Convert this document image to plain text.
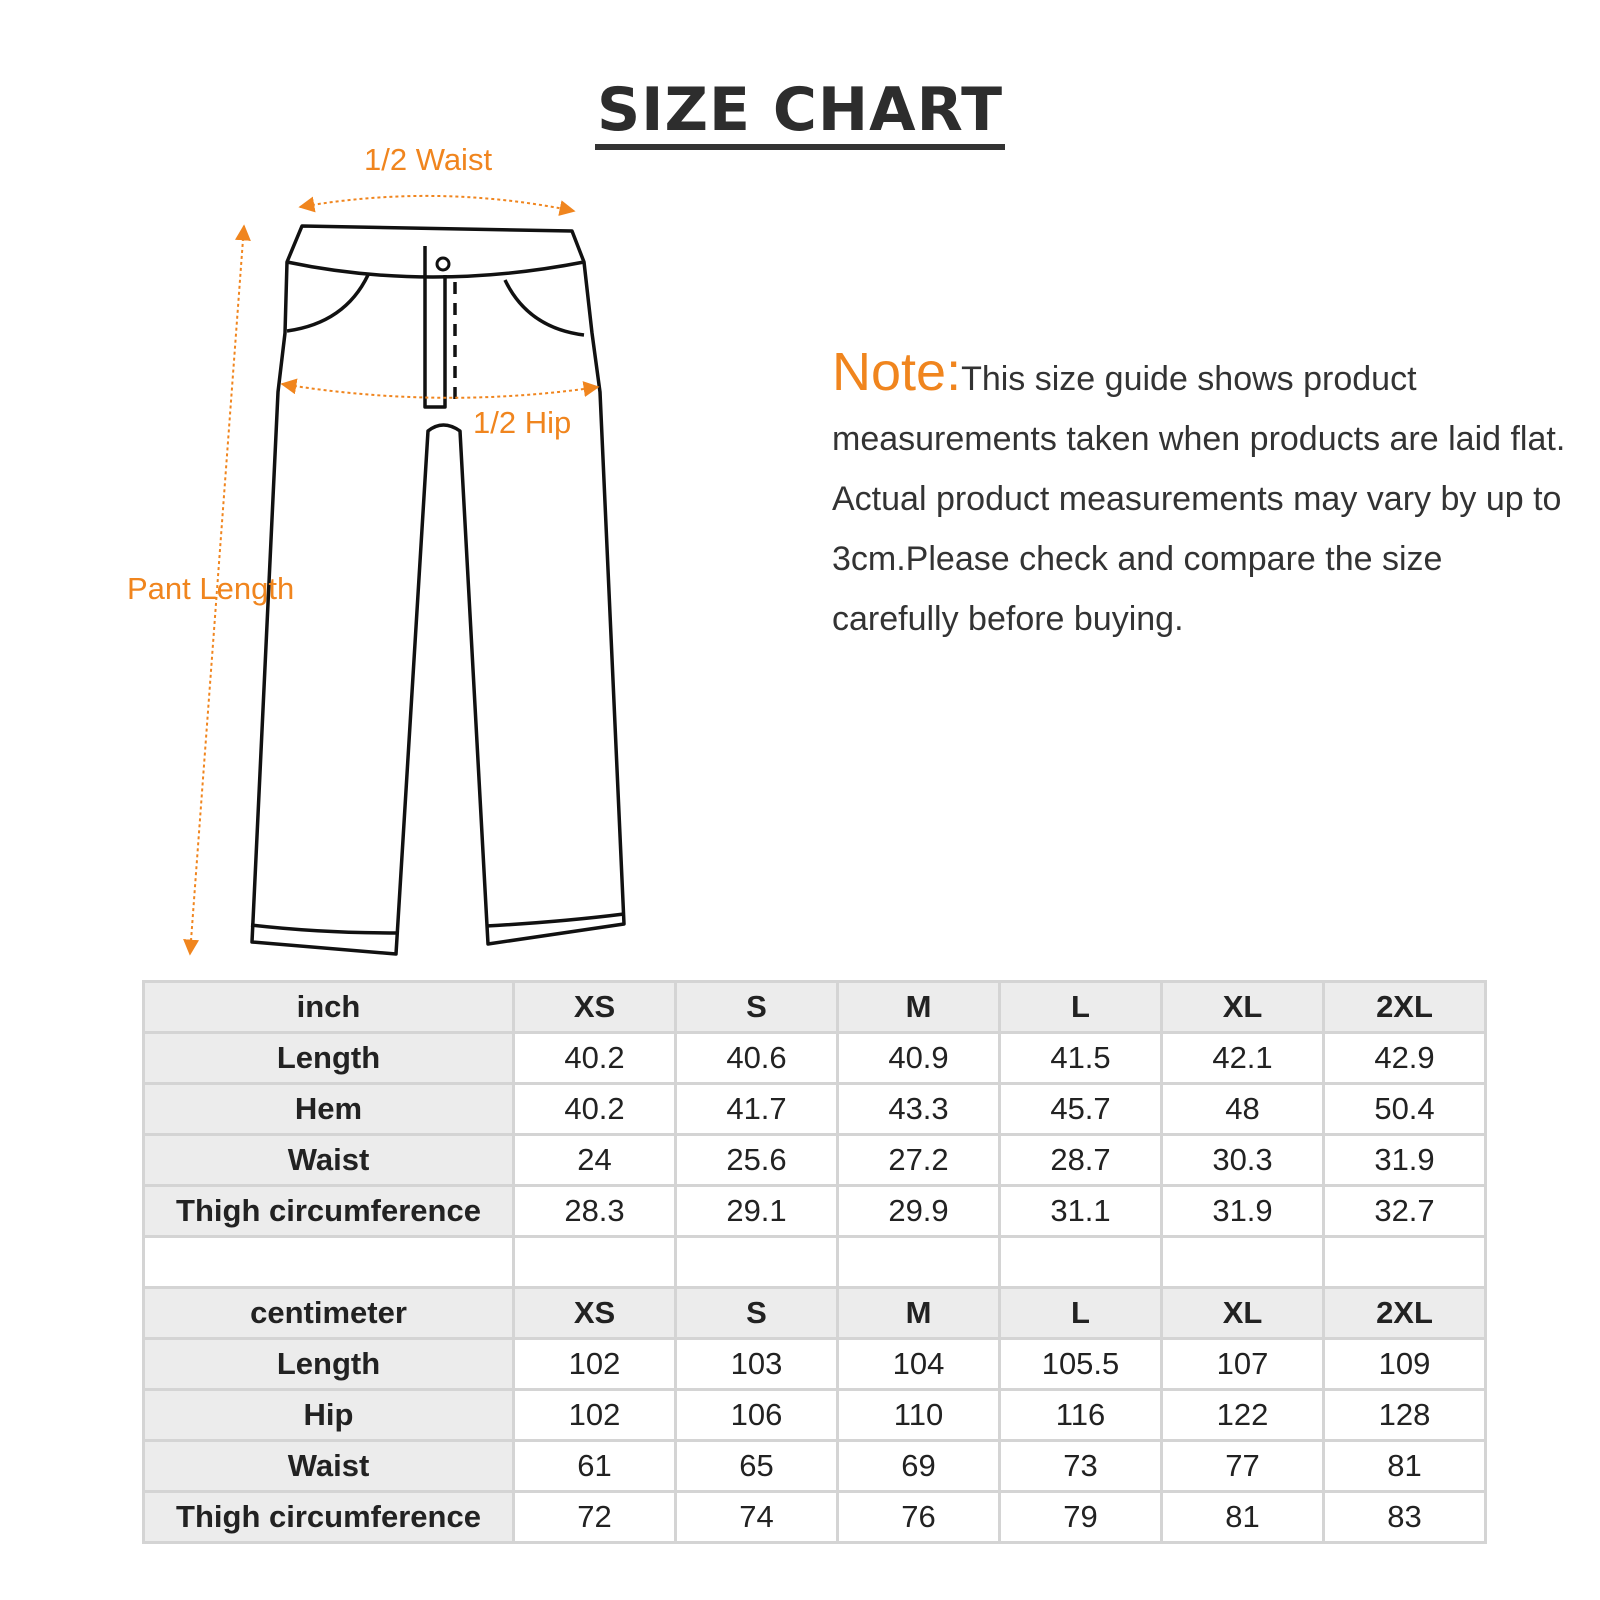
SIZE CHART
1/2 Waist
1/2 Hip
Pant Length
Note:This size guide shows product measurements taken when products are laid flat. Actual product measurements may vary by up to 3cm.Please check and compare the size carefully before buying.
inch	XS	S	M	L	XL	2XL
Length	40.2	40.6	40.9	41.5	42.1	42.9
Hem	40.2	41.7	43.3	45.7	48	50.4
Waist	24	25.6	27.2	28.7	30.3	31.9
Thigh circumference	28.3	29.1	29.9	31.1	31.9	32.7

centimeter	XS	S	M	L	XL	2XL
Length	102	103	104	105.5	107	109
Hip	102	106	110	116	122	128
Waist	61	65	69	73	77	81
Thigh circumference	72	74	76	79	81	83
